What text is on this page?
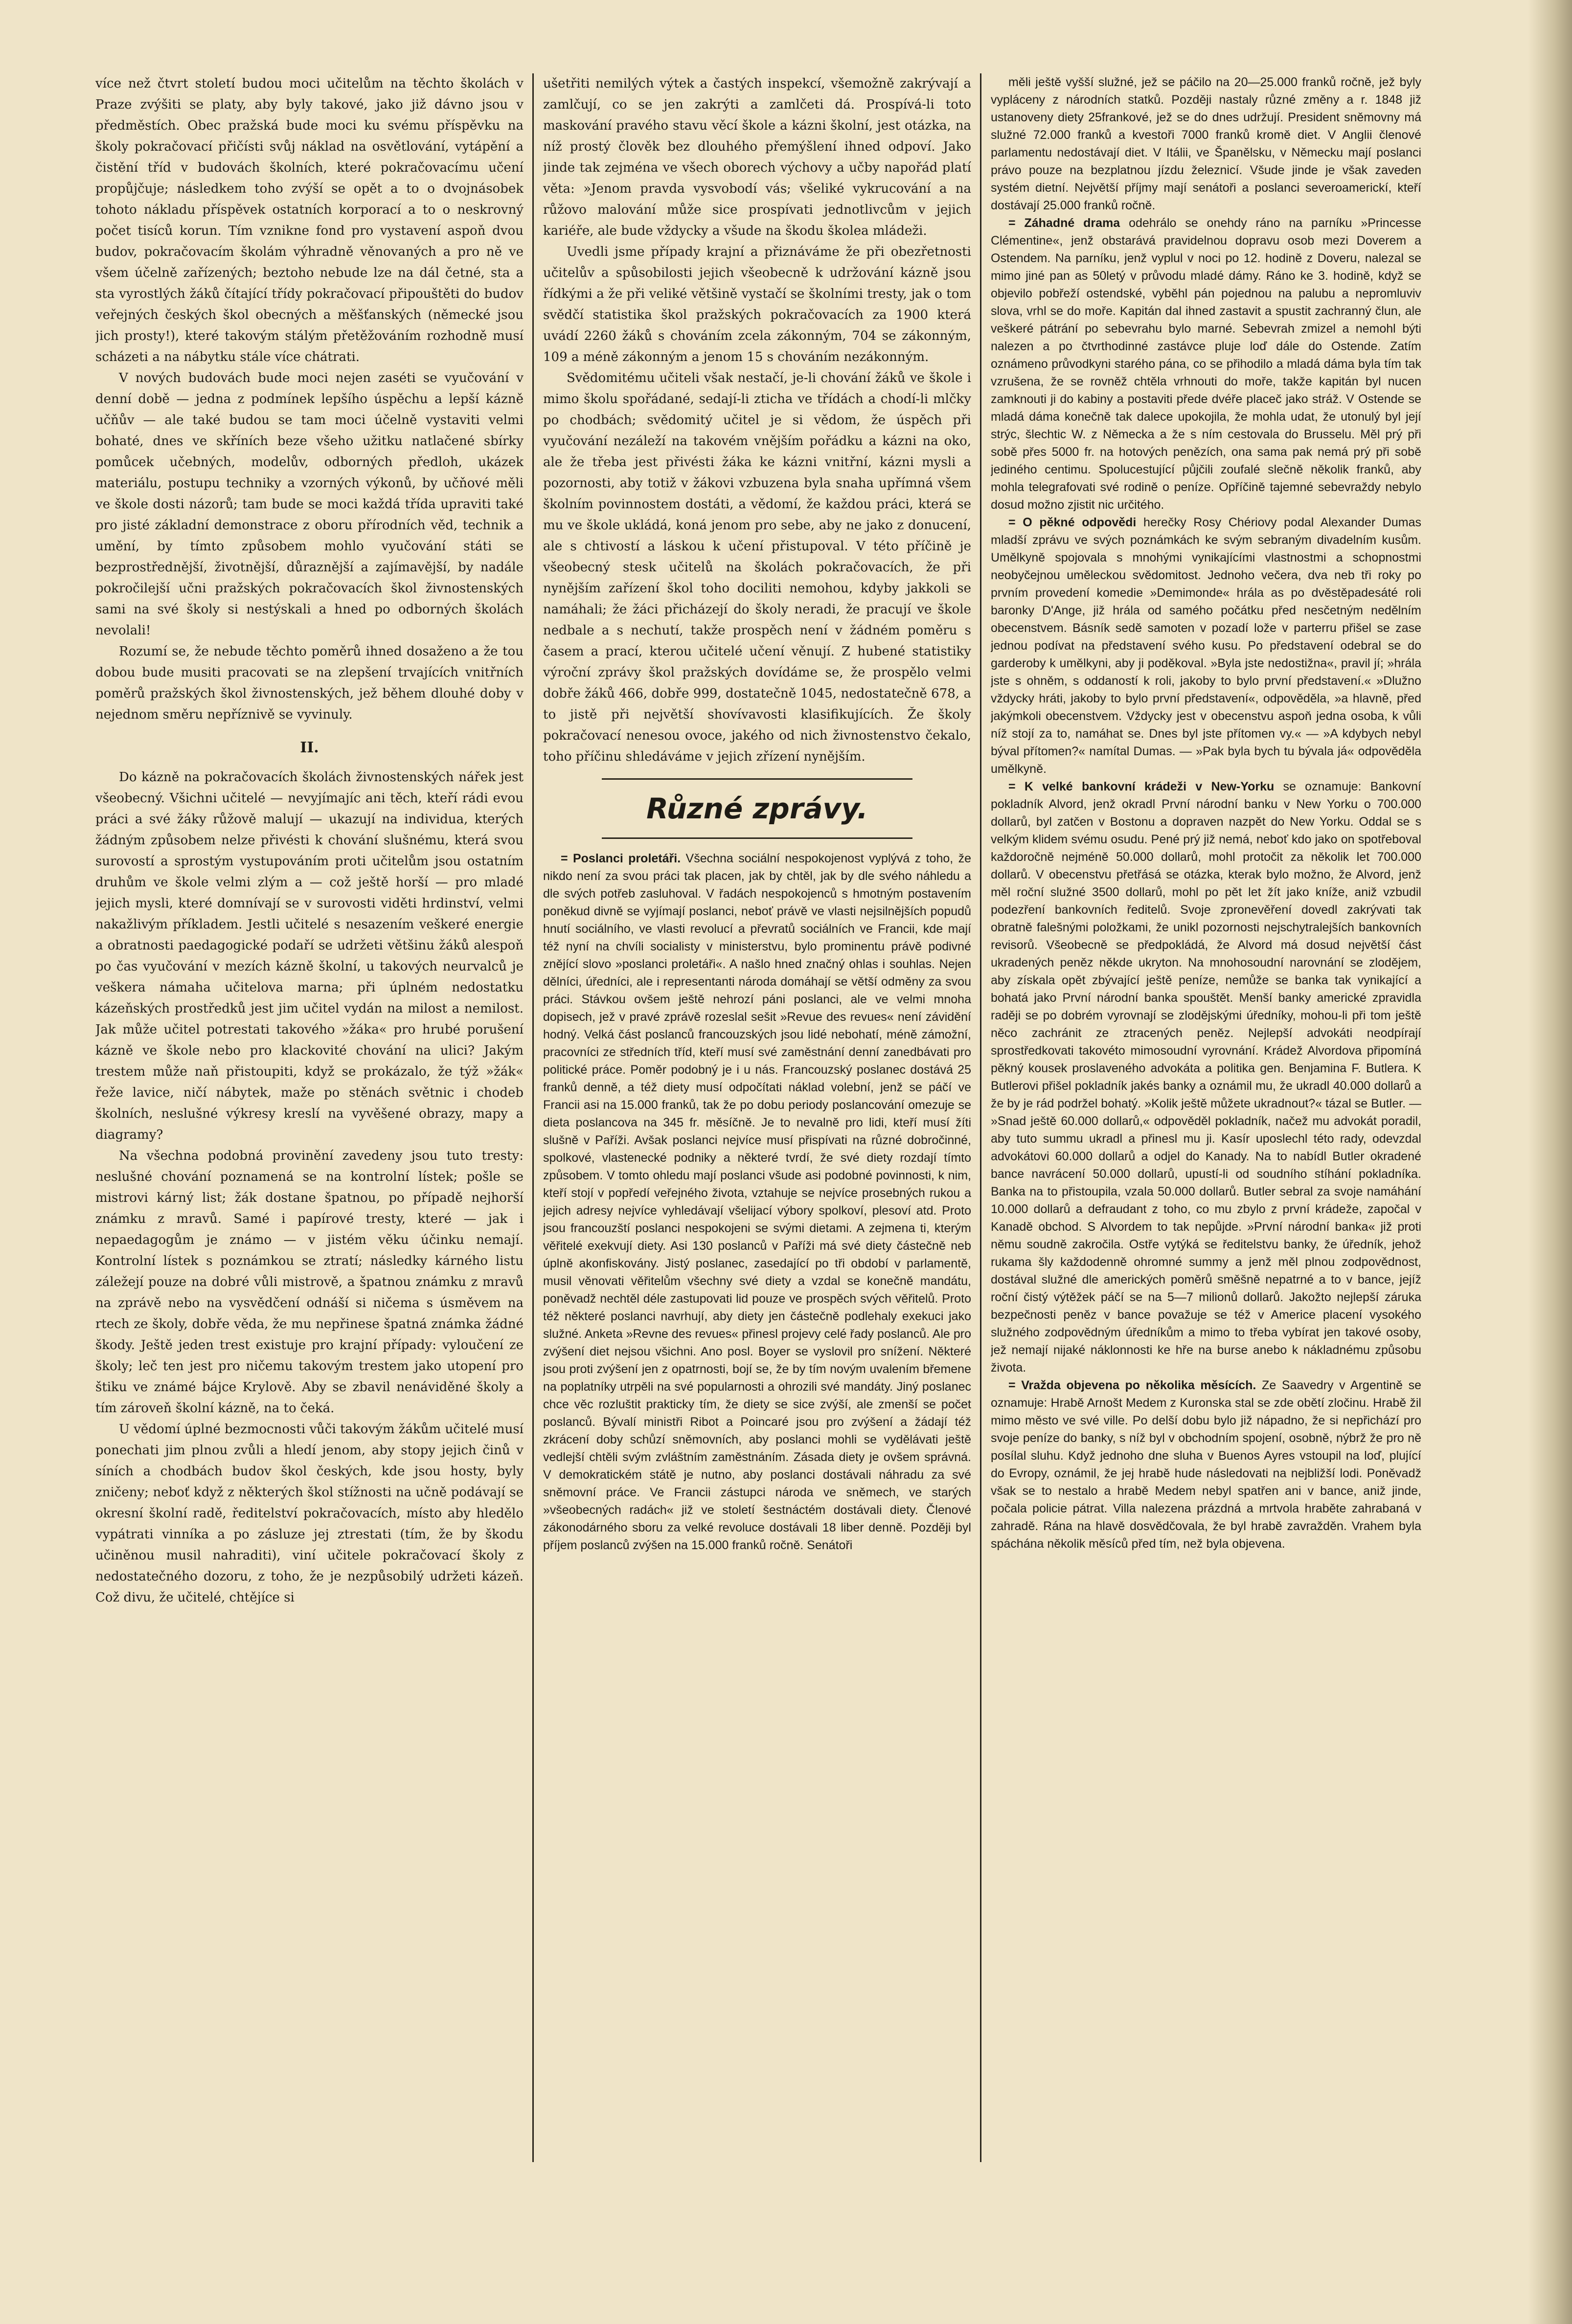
více než čtvrt století budou moci učitelům na těchto školách v Praze zvýšiti se platy, aby byly takové, jako již dávno jsou v předměstích. Obec pražská bude moci ku svému příspěvku na školy pokračovací přičísti svůj náklad na osvětlování, vytápění a čistění tříd v budovách školních, které pokračovacímu učení propůjčuje; následkem toho zvýší se opět a to o dvojnásobek tohoto nákladu příspěvek ostatních korporací a to o neskrovný počet tisíců korun. Tím vznikne fond pro vystavení aspoň dvou budov, pokračovacím školám výhradně věnovaných a pro ně ve všem účelně zařízených; beztoho nebude lze na dál četné, sta a sta vyrostlých žáků čítající třídy pokračovací připouštěti do budov veřejných českých škol obecných a měšťanských (německé jsou jich prosty!), které takovým stálým přetěžováním rozhodně musí scházeti a na nábytku stále více chátrati.

V nových budovách bude moci nejen zaséti se vyučování v denní době — jedna z podmínek lepšího úspěchu a lepší kázně učňův — ale také budou se tam moci účelně vystaviti velmi bohaté, dnes ve skříních beze všeho užitku natlačené sbírky pomůcek učebných, modelův, odborných předloh, ukázek materiálu, postupu techniky a vzorných výkonů, by učňové měli ve škole dosti názorů; tam bude se moci každá třída upraviti také pro jisté základní demonstrace z oboru přírodních věd, technik a umění, by tímto způsobem mohlo vyučování státi se bezprostřednější, životnější, důraznější a zajímavější, by nadále pokročilejší učni pražských pokračovacích škol živnostenských sami na své školy si nestýskali a hned po odborných školách nevolali!

Rozumí se, že nebude těchto poměrů ihned dosaženo a že tou dobou bude musiti pracovati se na zlepšení trvajících vnitřních poměrů pražských škol živnostenských, jež během dlouhé doby v nejednom směru nepříznivě se vyvinuly.

II.

Do kázně na pokračovacích školách živnostenských nářek jest všeobecný. Všichni učitelé — nevyjímajíc ani těch, kteří rádi evou práci a své žáky růžově malují — ukazují na individua, kterých žádným způsobem nelze přivésti k chování slušnému, která svou surovostí a sprostým vystupováním proti učitelům jsou ostatním druhům ve škole velmi zlým a — což ještě horší — pro mladé jejich mysli, které domnívají se v surovosti viděti hrdinství, velmi nakažlivým příkladem. Jestli učitelé s nesazením veškeré energie a obratnosti paedagogické podaří se udržeti většinu žáků alespoň po čas vyučování v mezích kázně školní, u takových neurvalců je veškera námaha učitelova marna; při úplném nedostatku kázeňských prostředků jest jim učitel vydán na milost a nemilost. Jak může učitel potrestati takového »žáka« pro hrubé porušení kázně ve škole nebo pro klackovité chování na ulici? Jakým trestem může naň přistoupiti, když se prokázalo, že týž »žák« řeže lavice, ničí nábytek, maže po stěnách světnic i chodeb školních, neslušné výkresy kreslí na vyvěšené obrazy, mapy a diagramy?

Na všechna podobná provinění zavedeny jsou tuto tresty: neslušné chování poznamená se na kontrolní lístek; pošle se mistrovi kárný list; žák dostane špatnou, po případě nejhorší známku z mravů. Samé i papírové tresty, které — jak i nepaedagogům je známo — v jistém věku účinku nemají. Kontrolní lístek s poznámkou se ztratí; následky kárného listu záležejí pouze na dobré vůli mistrově, a špatnou známku z mravů na zprávě nebo na vysvědčení odnáší si ničema s úsměvem na rtech ze školy, dobře věda, že mu nepřinese špatná známka žádné škody. Ještě jeden trest existuje pro krajní případy: vyloučení ze školy; leč ten jest pro ničemu takovým trestem jako utopení pro štiku ve známé bájce Krylově. Aby se zbavil nenáviděné školy a tím zároveň školní kázně, na to čeká.

U vědomí úplné bezmocnosti vůči takovým žákům učitelé musí ponechati jim plnou zvůli a hledí jenom, aby stopy jejich činů v síních a chodbách budov škol českých, kde jsou hosty, byly zničeny; neboť když z některých škol stížnosti na učně podávají se okresní školní radě, ředitelství pokračovacích, místo aby hledělo vypátrati vinníka a po zásluze jej ztrestati (tím, že by škodu učiněnou musil nahraditi), viní učitele pokračovací školy z nedostatečného dozoru, z toho, že je nezpůsobilý udržeti kázeň. Což divu, že učitelé, chtějíce si

ušetřiti nemilých výtek a častých inspekcí, všemožně zakrývají a zamlčují, co se jen zakrýti a zamlčeti dá. Prospívá-li toto maskování pravého stavu věcí škole a kázni školní, jest otázka, na níž prostý člověk bez dlouhého přemýšlení ihned odpoví. Jako jinde tak zejména ve všech oborech výchovy a učby napořád platí věta: »Jenom pravda vysvobodí vás; všeliké vykrucování a na růžovo malování může sice prospívati jednotlivcům v jejich kariéře, ale bude vždycky a všude na škodu školea mládeži.

Uvedli jsme případy krajní a přiznáváme že při obezřetnosti učitelův a spůsobilosti jejich všeobecně k udržování kázně jsou řídkými a že při veliké většině vystačí se školními tresty, jak o tom svědčí statistika škol pražských pokračovacích za 1900 která uvádí 2260 žáků s chováním zcela zákonným, 704 se zákonným, 109 a méně zákonným a jenom 15 s chováním nezákonným.

Svědomitému učiteli však nestačí, je-li chování žáků ve škole i mimo školu spořádané, sedají-li zticha ve třídách a chodí-li mlčky po chodbách; svědomitý učitel je si vědom, že úspěch při vyučování nezáleží na takovém vnějším pořádku a kázni na oko, ale že třeba jest přivésti žáka ke kázni vnitřní, kázni mysli a pozornosti, aby totiž v žákovi vzbuzena byla snaha upřímná všem školním povinnostem dostáti, a vědomí, že každou práci, která se mu ve škole ukládá, koná jenom pro sebe, aby ne jako z donucení, ale s chtivostí a láskou k učení přistupoval. V této příčině je všeobecný stesk učitelů na školách pokračovacích, že při nynějším zařízení škol toho dociliti nemohou, kdyby jakkoli se namáhali; že žáci přicházejí do školy neradi, že pracují ve škole nedbale a s nechutí, takže prospěch není v žádném poměru s časem a prací, kterou učitelé učení věnují. Z hubené statistiky výroční zprávy škol pražských dovídáme se, že prospělo velmi dobře žáků 466, dobře 999, dostatečně 1045, nedostatečně 678, a to jistě při největší shovívavosti klasifikujících. Že školy pokračovací nenesou ovoce, jakého od nich živnostenstvo čekalo, toho příčinu shledáváme v jejich zřízení nynějším.

Různé zprávy.

= Poslanci proletáři. Všechna sociální nespokojenost vyplývá z toho, že nikdo není za svou práci tak placen, jak by chtěl, jak by dle svého náhledu a dle svých potřeb zasluhoval. V řadách nespokojenců s hmotným postavením poněkud divně se vyjímají poslanci, neboť právě ve vlasti nejsilnějších popudů hnutí sociálního, ve vlasti revolucí a převratů sociálních ve Francii, kde mají též nyní na chvíli socialisty v ministerstvu, bylo prominentu právě podivné znějící slovo »poslanci proletáři«. A našlo hned značný ohlas i souhlas. Nejen dělníci, úředníci, ale i representanti národa domáhají se větší odměny za svou práci. Stávkou ovšem ještě nehrozí páni poslanci, ale ve velmi mnoha dopisech, jež v pravé zprávě rozeslal sešit »Revue des revues« není závidění hodný. Velká část poslanců francouzských jsou lidé nebohatí, méně zámožní, pracovníci ze středních tříd, kteří musí své zaměstnání denní zanedbávati pro politické práce. Poměr podobný je i u nás. Francouzský poslanec dostává 25 franků denně, a též diety musí odpočítati náklad volební, jenž se páčí ve Francii asi na 15.000 franků, tak že po dobu periody poslancování omezuje se dieta poslancova na 345 fr. měsíčně. Je to nevalně pro lidi, kteří musí žíti slušně v Paříži. Avšak poslanci nejvíce musí přispívati na různé dobročinné, spolkové, vlastenecké podniky a některé tvrdí, že své diety rozdají tímto způsobem. V tomto ohledu mají poslanci všude asi podobné povinnosti, k nim, kteří stojí v popředí veřejného života, vztahuje se nejvíce prosebných rukou a jejich adresy nejvíce vyhledávají všelijací výbory spolkoví, plesoví atd. Proto jsou francouzští poslanci nespokojeni se svými dietami. A zejmena ti, kterým věřitelé exekvují diety. Asi 130 poslanců v Paříži má své diety částečně neb úplně akonfiskovány. Jistý poslanec, zasedající po tři období v parlamentě, musil věnovati věřitelům všechny své diety a vzdal se konečně mandátu, poněvadž nechtěl déle zastupovati lid pouze ve prospěch svých věřitelů. Proto též některé poslanci navrhují, aby diety jen částečně podlehaly exekuci jako služné. Anketa »Revne des revues« přinesl projevy celé řady poslanců. Ale pro zvýšení diet nejsou všichni. Ano posl. Boyer se vyslovil pro snížení. Některé jsou proti zvýšení jen z opatrnosti, bojí se, že by tím novým uvalením břemene na poplatníky utrpěli na své popularnosti a ohrozili své mandáty. Jiný poslanec chce věc rozluštit prakticky tím, že diety se sice zvýší, ale zmenší se počet poslanců. Bývalí ministři Ribot a Poincaré jsou pro zvýšení a žádají též zkrácení doby schůzí sněmovních, aby poslanci mohli se vydělávati ještě vedlejší chtěli svým zvláštním zaměstnáním. Zásada diety je ovšem správná. V demokratickém státě je nutno, aby poslanci dostávali náhradu za své sněmovní práce. Ve Francii zástupci národa ve sněmech, ve starých »všeobecných radách« již ve století šestnáctém dostávali diety. Členové zákonodárného sboru za velké revoluce dostávali 18 liber denně. Později byl příjem poslanců zvýšen na 15.000 franků ročně. Senátoři

měli ještě vyšší služné, jež se páčilo na 20—25.000 franků ročně, jež byly vypláceny z národních statků. Později nastaly různé změny a r. 1848 již ustanoveny diety 25frankové, jež se do dnes udržují. President sněmovny má služné 72.000 franků a kvestoři 7000 franků kromě diet. V Anglii členové parlamentu nedostávají diet. V Itálii, ve Španělsku, v Německu mají poslanci právo pouze na bezplatnou jízdu železnicí. Všude jinde je však zaveden systém dietní. Největší příjmy mají senátoři a poslanci severoamerickí, kteří dostávají 25.000 franků ročně.

= Záhadné drama odehrálo se onehdy ráno na parníku »Princesse Clémentine«, jenž obstarává pravidelnou dopravu osob mezi Doverem a Ostendem. Na parníku, jenž vyplul v noci po 12. hodině z Doveru, nalezal se mimo jiné pan as 50letý v průvodu mladé dámy. Ráno ke 3. hodině, když se objevilo pobřeží ostendské, vyběhl pán pojednou na palubu a nepromluviv slova, vrhl se do moře. Kapitán dal ihned zastavit a spustit zachranný člun, ale veškeré pátrání po sebevrahu bylo marné. Sebevrah zmizel a nemohl býti nalezen a po čtvrthodinné zastávce pluje loď dále do Ostende. Zatím oznámeno průvodkyni starého pána, co se přihodilo a mladá dáma byla tím tak vzrušena, že se rovněž chtěla vrhnouti do moře, takže kapitán byl nucen zamknouti ji do kabiny a postaviti přede dvéře placeč jako stráž. V Ostende se mladá dáma konečně tak dalece upokojila, že mohla udat, že utonulý byl její strýc, šlechtic W. z Německa a že s ním cestovala do Brusselu. Měl prý při sobě přes 5000 fr. na hotových penězích, ona sama pak nemá prý při sobě jediného centimu. Spolucestující půjčili zoufalé slečně několik franků, aby mohla telegrafovati své rodině o peníze. Opříčině tajemné sebevraždy nebylo dosud možno zjistit nic určitého.

= O pěkné odpovědi herečky Rosy Chériovy podal Alexander Dumas mladší zprávu ve svých poznámkách ke svým sebraným divadelním kusům. Umělkyně spojovala s mnohými vynikajícími vlastnostmi a schopnostmi neobyčejnou uměleckou svědomitost. Jednoho večera, dva neb tři roky po prvním provedení komedie »Demimonde« hrála as po dvěstěpadesáté roli baronky D'Ange, již hrála od samého počátku před nesčetným nedělním obecenstvem. Básník sedě samoten v pozadí lože v parterru přišel se zase jednou podívat na představení svého kusu. Po představení odebral se do garderoby k umělkyni, aby ji poděkoval. »Byla jste nedostižna«, pravil jí; »hrála jste s ohněm, s oddaností k roli, jakoby to bylo první představení.« »Dlužno vždycky hráti, jakoby to bylo první představení«, odpověděla, »a hlavně, před jakýmkoli obecenstvem. Vždycky jest v obecenstvu aspoň jedna osoba, k vůli níž stojí za to, namáhat se. Dnes byl jste přítomen vy.« — »A kdybych nebyl býval přítomen?« namítal Dumas. — »Pak byla bych tu bývala já« odpověděla umělkyně.

= K velké bankovní krádeži v New-Yorku se oznamuje: Bankovní pokladník Alvord, jenž okradl První národní banku v New Yorku o 700.000 dollarů, byl zatčen v Bostonu a dopraven nazpět do New Yorku. Oddal se s velkým klidem svému osudu. Pené prý již nemá, neboť kdo jako on spotřeboval každoročně nejméně 50.000 dollarů, mohl protočit za několik let 700.000 dollarů. V obecenstvu přetřásá se otázka, kterak bylo možno, že Alvord, jenž měl roční služné 3500 dollarů, mohl po pět let žít jako kníže, aniž vzbudil podezření bankovních ředitelů. Svoje zpronevěření dovedl zakrývati tak obratně falešnými položkami, že unikl pozornosti nejschytralejších bankovních revisorů. Všeobecně se předpokládá, že Alvord má dosud největší část ukradených peněz někde ukryton. Na mnohosoudní narovnání se zlodějem, aby získala opět zbývající ještě peníze, nemůže se banka tak vynikající a bohatá jako První národní banka spouštět. Menší banky americké zpravidla raději se po dobrém vyrovnají se zlodějskými úředníky, mohou-li při tom ještě něco zachránit ze ztracených peněz. Nejlepší advokáti neodpírají sprostředkovati takovéto mimosoudní vyrovnání. Krádež Alvordova připomíná pěkný kousek proslaveného advokáta a politika gen. Benjamina F. Butlera. K Butlerovi přišel pokladník jakés banky a oznámil mu, že ukradl 40.000 dollarů a že by je rád podržel bohatý. »Kolik ještě můžete ukradnout?« tázal se Butler. — »Snad ještě 60.000 dollarů,« odpověděl pokladník, načež mu advokát poradil, aby tuto summu ukradl a přinesl mu ji. Kasír uposlechl této rady, odevzdal advokátovi 60.000 dollarů a odjel do Kanady. Na to nabídl Butler okradené bance navrácení 50.000 dollarů, upustí-li od soudního stíhání pokladníka. Banka na to přistoupila, vzala 50.000 dollarů. Butler sebral za svoje namáhání 10.000 dollarů a defraudant z toho, co mu zbylo z první krádeže, započal v Kanadě obchod. S Alvordem to tak nepůjde. »První národní banka« již proti němu soudně zakročila. Ostře vytýká se ředitelstvu banky, že úředník, jehož rukama šly každodenně ohromné summy a jenž měl plnou zodpovědnost, dostával služné dle amerických poměrů směšně nepatrné a to v bance, jejíž roční čistý výtěžek páčí se na 5—7 milionů dollarů. Jakožto nejlepší záruka bezpečnosti peněz v bance považuje se též v Americe placení vysokého služného zodpovědným úředníkům a mimo to třeba vybírat jen takové osoby, jež nemají nijaké náklonnosti ke hře na burse anebo k nákladnému způsobu života.

= Vražda objevena po několika měsících. Ze Saavedry v Argentině se oznamuje: Hrabě Arnošt Medem z Kuronska stal se zde obětí zločinu. Hrabě žil mimo město ve své ville. Po delší dobu bylo již nápadno, že si nepřichází pro svoje peníze do banky, s níž byl v obchodním spojení, osobně, nýbrž že pro ně posílal sluhu. Když jednoho dne sluha v Buenos Ayres vstoupil na loď, plující do Evropy, oznámil, že jej hrabě hude následovati na nejbližší lodi. Poněvadž však se to nestalo a hrabě Medem nebyl spatřen ani v bance, aniž jinde, počala policie pátrat. Villa nalezena prázdná a mrtvola hraběte zahrabaná v zahradě. Rána na hlavě dosvědčovala, že byl hrabě zavražděn. Vrahem byla spáchána několik měsíců před tím, než byla objevena.
